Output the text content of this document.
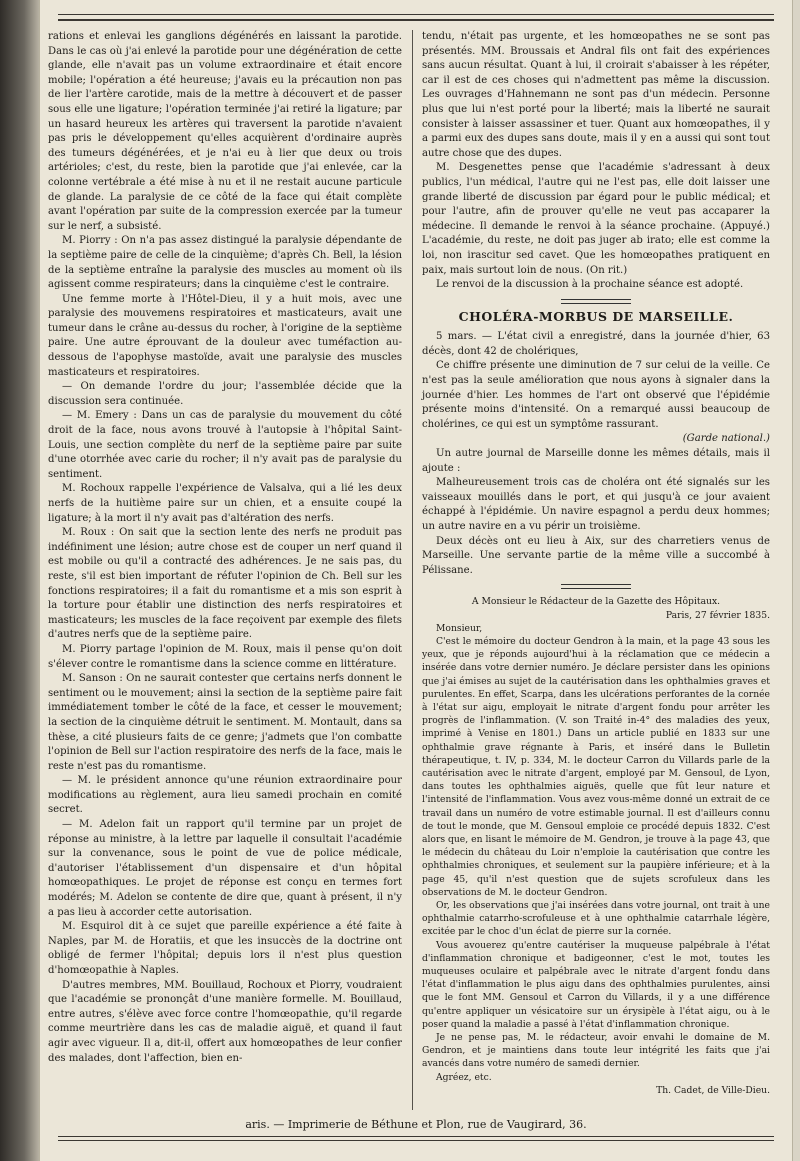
rations et enlevai les ganglions dégénérés en laissant la parotide. Dans le cas où j'ai enlevé la parotide pour une dégénération de cette glande, elle n'avait pas un volume extraordinaire et était encore mobile; l'opération a été heureuse; j'avais eu la précaution non pas de lier l'artère carotide, mais de la mettre à découvert et de passer sous elle une ligature; l'opération terminée j'ai retiré la ligature; par un hasard heureux les artères qui traversent la parotide n'avaient pas pris le développement qu'elles acquièrent d'ordinaire auprès des tumeurs dégénérées, et je n'ai eu à lier que deux ou trois artérioles; c'est, du reste, bien la parotide que j'ai enlevée, car la colonne vertébrale a été mise à nu et il ne restait aucune particule de glande. La paralysie de ce côté de la face qui était complète avant l'opération par suite de la compression exercée par la tumeur sur le nerf, a subsisté.

M. Piorry : On n'a pas assez distingué la paralysie dépendante de la septième paire de celle de la cinquième; d'après Ch. Bell, la lésion de la septième entraîne la paralysie des muscles au moment où ils agissent comme respirateurs; dans la cinquième c'est le contraire.

Une femme morte à l'Hôtel-Dieu, il y a huit mois, avec une paralysie des mouvemens respiratoires et masticateurs, avait une tumeur dans le crâne au-dessus du rocher, à l'origine de la septième paire. Une autre éprouvant de la douleur avec tuméfaction au-dessous de l'apophyse mastoïde, avait une paralysie des muscles masticateurs et respiratoires.

— On demande l'ordre du jour; l'assemblée décide que la discussion sera continuée.

— M. Emery : Dans un cas de paralysie du mouvement du côté droit de la face, nous avons trouvé à l'autopsie à l'hôpital Saint-Louis, une section complète du nerf de la septième paire par suite d'une otorrhée avec carie du rocher; il n'y avait pas de paralysie du sentiment.

M. Rochoux rappelle l'expérience de Valsalva, qui a lié les deux nerfs de la huitième paire sur un chien, et a ensuite coupé la ligature; à la mort il n'y avait pas d'altération des nerfs.

M. Roux : On sait que la section lente des nerfs ne produit pas indéfiniment une lésion; autre chose est de couper un nerf quand il est mobile ou qu'il a contracté des adhérences. Je ne sais pas, du reste, s'il est bien important de réfuter l'opinion de Ch. Bell sur les fonctions respiratoires; il a fait du romantisme et a mis son esprit à la torture pour établir une distinction des nerfs respiratoires et masticateurs; les muscles de la face reçoivent par exemple des filets d'autres nerfs que de la septième paire.

M. Piorry partage l'opinion de M. Roux, mais il pense qu'on doit s'élever contre le romantisme dans la science comme en littérature.

M. Sanson : On ne saurait contester que certains nerfs donnent le sentiment ou le mouvement; ainsi la section de la septième paire fait immédiatement tomber le côté de la face, et cesser le mouvement; la section de la cinquième détruit le sentiment. M. Montault, dans sa thèse, a cité plusieurs faits de ce genre; j'admets que l'on combatte l'opinion de Bell sur l'action respiratoire des nerfs de la face, mais le reste n'est pas du romantisme.

— M. le président annonce qu'une réunion extraordinaire pour modifications au règlement, aura lieu samedi prochain en comité secret.

— M. Adelon fait un rapport qu'il termine par un projet de réponse au ministre, à la lettre par laquelle il consultait l'académie sur la convenance, sous le point de vue de police médicale, d'autoriser l'établissement d'un dispensaire et d'un hôpital homœopathiques. Le projet de réponse est conçu en termes fort modérés; M. Adelon se contente de dire que, quant à présent, il n'y a pas lieu à accorder cette autorisation.

M. Esquirol dit à ce sujet que pareille expérience a été faite à Naples, par M. de Horatiis, et que les insuccès de la doctrine ont obligé de fermer l'hôpital; depuis lors il n'est plus question d'homœopathie à Naples.

D'autres membres, MM. Bouillaud, Rochoux et Piorry, voudraient que l'académie se prononçât d'une manière formelle. M. Bouillaud, entre autres, s'élève avec force contre l'homœopathie, qu'il regarde comme meurtrière dans les cas de maladie aiguë, et quand il faut agir avec vigueur. Il a, dit-il, offert aux homœopathes de leur confier des malades, dont l'affection, bien en-

tendu, n'était pas urgente, et les homœopathes ne se sont pas présentés. MM. Broussais et Andral fils ont fait des expériences sans aucun résultat. Quant à lui, il croirait s'abaisser à les répéter, car il est de ces choses qui n'admettent pas même la discussion. Les ouvrages d'Hahnemann ne sont pas d'un médecin. Personne plus que lui n'est porté pour la liberté; mais la liberté ne saurait consister à laisser assassiner et tuer. Quant aux homœopathes, il y a parmi eux des dupes sans doute, mais il y en a aussi qui sont tout autre chose que des dupes.

M. Desgenettes pense que l'académie s'adressant à deux publics, l'un médical, l'autre qui ne l'est pas, elle doit laisser une grande liberté de discussion par égard pour le public médical; et pour l'autre, afin de prouver qu'elle ne veut pas accaparer la médecine. Il demande le renvoi à la séance prochaine. (Appuyé.) L'académie, du reste, ne doit pas juger ab irato; elle est comme la loi, non irascitur sed cavet. Que les homœopathes pratiquent en paix, mais surtout loin de nous. (On rit.)

Le renvoi de la discussion à la prochaine séance est adopté.

CHOLÉRA-MORBUS DE MARSEILLE.

5 mars. — L'état civil a enregistré, dans la journée d'hier, 63 décès, dont 42 de cholériques,

Ce chiffre présente une diminution de 7 sur celui de la veille. Ce n'est pas la seule amélioration que nous ayons à signaler dans la journée d'hier. Les hommes de l'art ont observé que l'épidémie présente moins d'intensité. On a remarqué aussi beaucoup de cholérines, ce qui est un symptôme rassurant.

(Garde national.)

Un autre journal de Marseille donne les mêmes détails, mais il ajoute :

Malheureusement trois cas de choléra ont été signalés sur les vaisseaux mouillés dans le port, et qui jusqu'à ce jour avaient échappé à l'épidémie. Un navire espagnol a perdu deux hommes; un autre navire en a vu périr un troisième.

Deux décès ont eu lieu à Aix, sur des charretiers venus de Marseille. Une servante partie de la même ville a succombé à Pélissane.

A Monsieur le Rédacteur de la Gazette des Hôpitaux.

Paris, 27 février 1835.

Monsieur,

C'est le mémoire du docteur Gendron à la main, et la page 43 sous les yeux, que je réponds aujourd'hui à la réclamation que ce médecin a insérée dans votre dernier numéro. Je déclare persister dans les opinions que j'ai émises au sujet de la cautérisation dans les ophthalmies graves et purulentes. En effet, Scarpa, dans les ulcérations perforantes de la cornée à l'état sur aigu, employait le nitrate d'argent fondu pour arrêter les progrès de l'inflammation. (V. son Traité in-4° des maladies des yeux, imprimé à Venise en 1801.) Dans un article publié en 1833 sur une ophthalmie grave régnante à Paris, et inséré dans le Bulletin thérapeutique, t. IV, p. 334, M. le docteur Carron du Villards parle de la cautérisation avec le nitrate d'argent, employé par M. Gensoul, de Lyon, dans toutes les ophthalmies aiguës, quelle que fût leur nature et l'intensité de l'inflammation. Vous avez vous-même donné un extrait de ce travail dans un numéro de votre estimable journal. Il est d'ailleurs connu de tout le monde, que M. Gensoul emploie ce procédé depuis 1832. C'est alors que, en lisant le mémoire de M. Gendron, je trouve à la page 43, que le médecin du château du Loir n'emploie la cautérisation que contre les ophthalmies chroniques, et seulement sur la paupière inférieure; et à la page 45, qu'il n'est question que de sujets scrofuleux dans les observations de M. le docteur Gendron.

Or, les observations que j'ai insérées dans votre journal, ont trait à une ophthalmie catarrho-scrofuleuse et à une ophthalmie catarrhale légère, excitée par le choc d'un éclat de pierre sur la cornée.

Vous avouerez qu'entre cautériser la muqueuse palpébrale à l'état d'inflammation chronique et badigeonner, c'est le mot, toutes les muqueuses oculaire et palpébrale avec le nitrate d'argent fondu dans l'état d'inflammation le plus aigu dans des ophthalmies purulentes, ainsi que le font MM. Gensoul et Carron du Villards, il y a une différence qu'entre appliquer un vésicatoire sur un érysipèle à l'état aigu, ou à le poser quand la maladie a passé à l'état d'inflammation chronique.

Je ne pense pas, M. le rédacteur, avoir envahi le domaine de M. Gendron, et je maintiens dans toute leur intégrité les faits que j'ai avancés dans votre numéro de samedi dernier.

Agréez, etc.

Th. Cadet, de Ville-Dieu.

aris. — Imprimerie de Béthune et Plon, rue de Vaugirard, 36.
